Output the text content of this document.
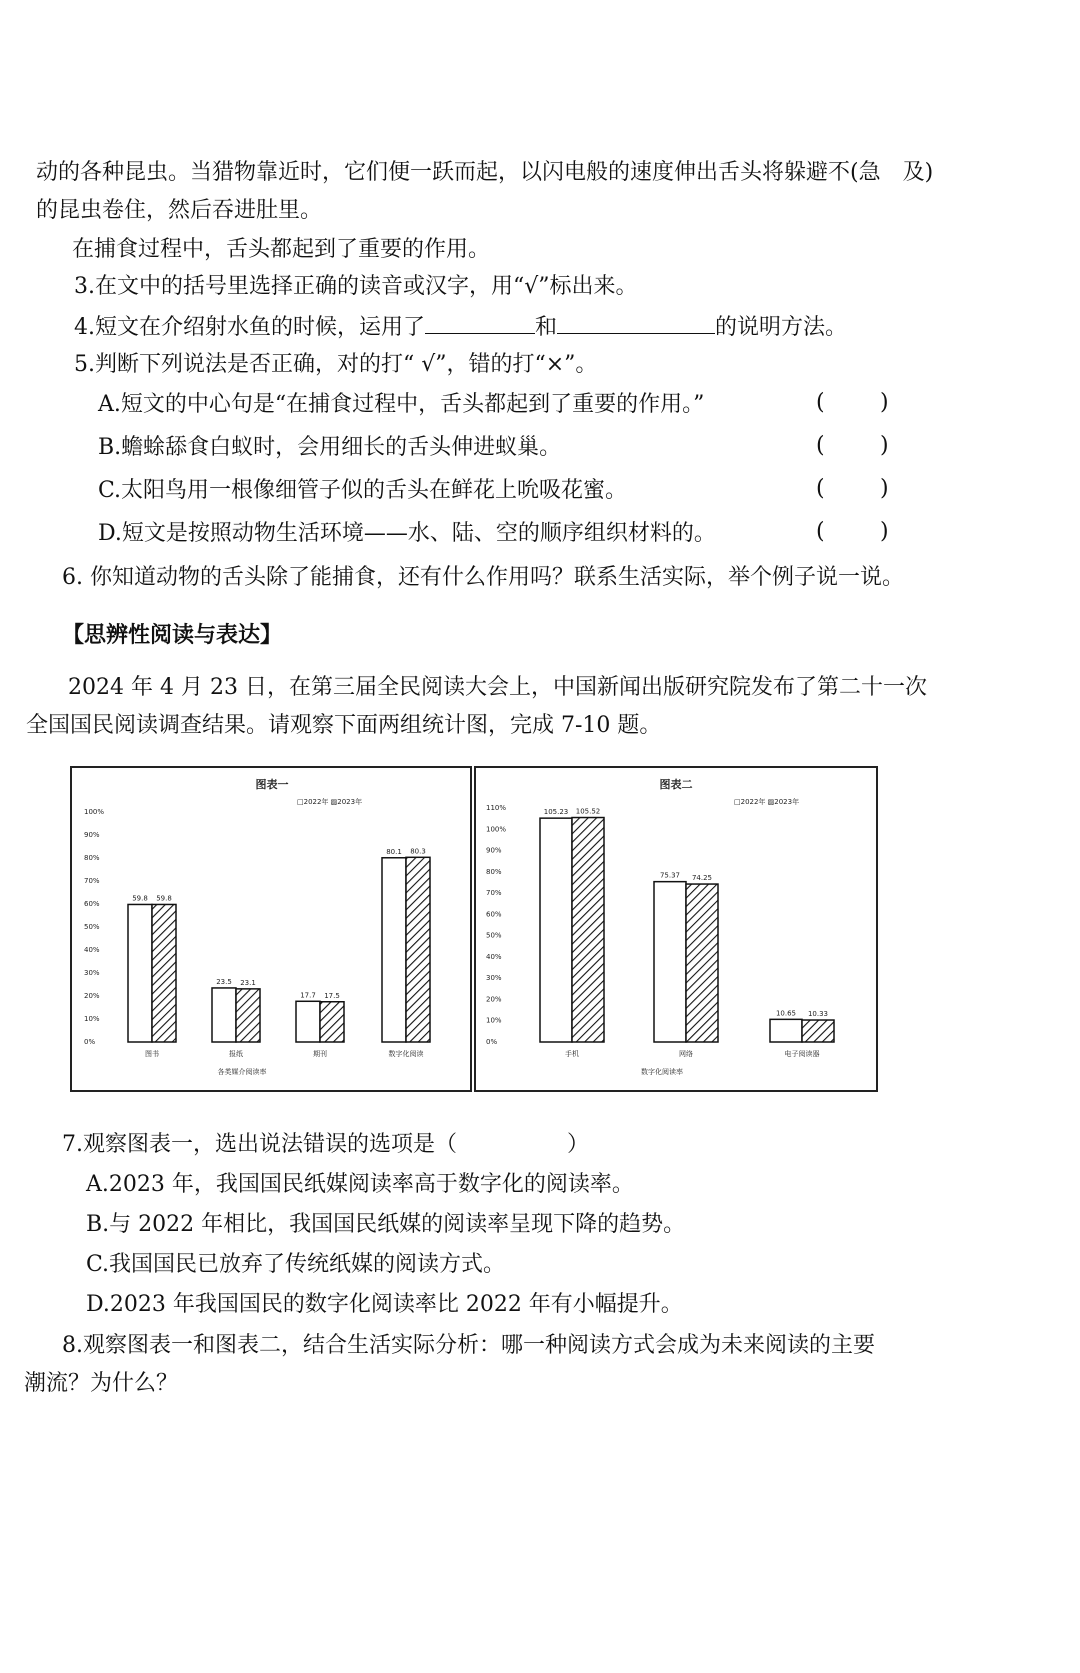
动的各种昆虫。当猎物靠近时，它们便一跃而起，以闪电般的速度伸出舌头将躲避不(急　及)
的昆虫卷住，然后吞进肚里。
在捕食过程中，舌头都起到了重要的作用。
3.在文中的括号里选择正确的读音或汉字，用“√”标出来。
4.短文在介绍射水鱼的时候，运用了	和	的说明方法。
5.判断下列说法是否正确，对的打“ √”，错的打“×”。
A.短文的中心句是“在捕食过程中，舌头都起到了重要的作用。”	(	)
B.蟾蜍舔食白蚁时，会用细长的舌头伸进蚁巢。	(	)
C.太阳鸟用一根像细管子似的舌头在鲜花上吮吸花蜜。	(	)
D.短文是按照动物生活环境——水、陆、空的顺序组织材料的。	(	)
6. 你知道动物的舌头除了能捕食，还有什么作用吗？联系生活实际，举个例子说一说。
【思辨性阅读与表达】
2024 年 4 月 23 日，在第三届全民阅读大会上，中国新闻出版研究院发布了第二十一次
全国国民阅读调查结果。请观察下面两组统计图，完成 7-10 题。
图表一
□2022年 ▨2023年
0%
10%
20%
30%
40%
50%
60%
70%
80%
90%
100%
59.8 59.8
图书
23.5 23.1
报纸
17.7 17.5
期刊
80.1 80.3
数字化阅读
各类媒介阅读率
图表二
□2022年 ▨2023年
0%
10%
20%
30%
40%
50%
60%
70%
80%
90%
100%
110%
105.23 105.52
手机
75.37 74.25
网络
10.65 10.33
电子阅读器
数字化阅读率
7.观察图表一，选出说法错误的选项是（　　　　　）
A.2023 年，我国国民纸媒阅读率高于数字化的阅读率。
B.与 2022 年相比，我国国民纸媒的阅读率呈现下降的趋势。
C.我国国民已放弃了传统纸媒的阅读方式。
D.2023 年我国国民的数字化阅读率比 2022 年有小幅提升。
8.观察图表一和图表二，结合生活实际分析：哪一种阅读方式会成为未来阅读的主要
潮流？为什么？
